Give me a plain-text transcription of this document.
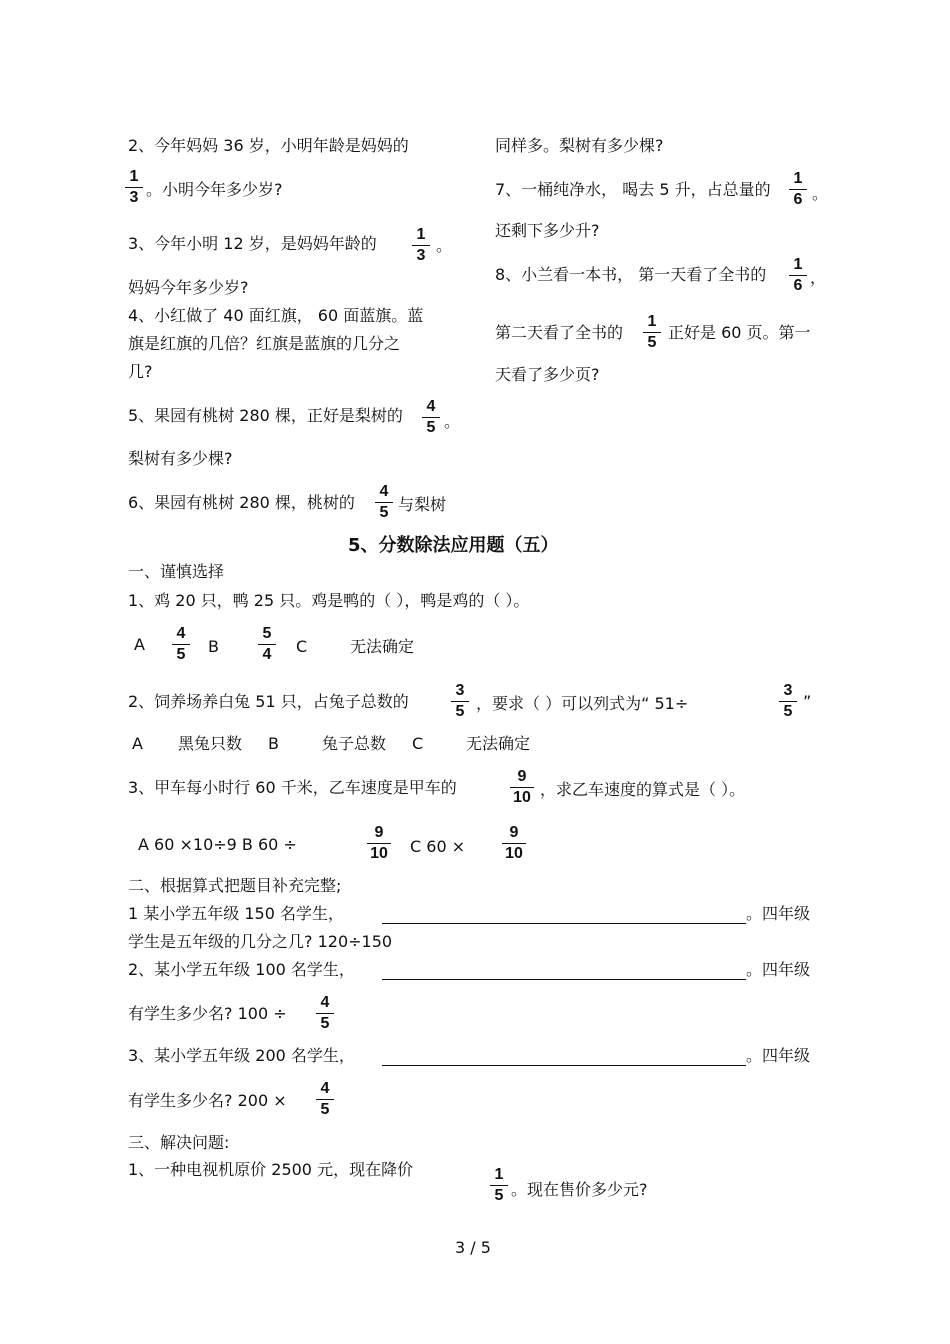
2、今年妈妈 36 岁，小明年龄是妈妈的
1
3 。小明今年多少岁?
3、今年小明 12 岁，是妈妈年龄的	1
3
。
妈妈今年多少岁?
4、小红做了 40 面红旗， 60 面蓝旗。蓝
旗是红旗的几倍？红旗是蓝旗的几分之
几?
5、果园有桃树 280 棵，正好是梨树的	4
5 。
梨树有多少棵?
6、果园有桃树 280 棵，桃树的
4
5 与梨树
同样多。梨树有多少棵?
7、一桶纯净水， 喝去 5 升，占总量的
1
6 。
还剩下多少升?
8、小兰看一本书， 第一天看了全书的
1
6 ，
第二天看了全书的
1
5
正好是 60 页。第一
天看了多少页?
5、分数除法应用题（五）
一、谨慎选择
1、鸡 20 只，鸭 25 只。鸡是鸭的（ ），鸭是鸡的（ ）。
A
4
5	B
5
4	C	无法确定
2、饲养场养白兔 51 只，占兔子总数的
3
5 ，要求（ ）可以列式为“ 51÷
3
5
”
A 黑兔只数 B	兔子总数 C	无法确定
3、甲车每小时行 60 千米，乙车速度是甲车的
9
10 ，求乙车速度的算式是（ ）。
A 60 ×10÷9 B 60 ÷
9
10	C 60 ×
9
10
二、根据算式把题目补充完整;
1 某小学五年级 150 名学生，	。四年级
学生是五年级的几分之几? 120÷150
2、某小学五年级 100 名学生，	。四年级
有学生多少名? 100 ÷
4
5
3、某小学五年级 200 名学生，	。四年级
有学生多少名? 200 ×
4
5
三、解决问题:
1、一种电视机原价 2500 元，现在降价	1
5 。现在售价多少元?
3 / 5
